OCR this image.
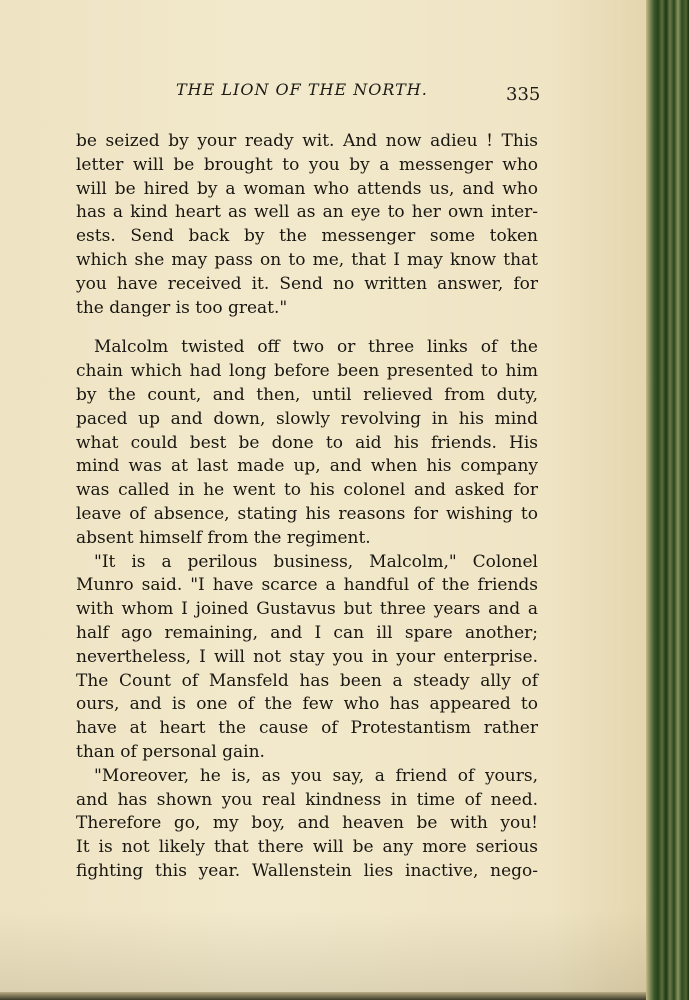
THE LION OF THE NORTH.	335
be seized by your ready wit. And now adieu ! This
letter will be brought to you by a messenger who
will be hired by a woman who attends us, and who
has a kind heart as well as an eye to her own inter-
ests. Send back by the messenger some token
which she may pass on to me, that I may know that
you have received it. Send no written answer, for
the danger is too great."
Malcolm twisted off two or three links of the
chain which had long before been presented to him
by the count, and then, until relieved from duty,
paced up and down, slowly revolving in his mind
what could best be done to aid his friends. His
mind was at last made up, and when his company
was called in he went to his colonel and asked for
leave of absence, stating his reasons for wishing to
absent himself from the regiment.
"It is a perilous business, Malcolm," Colonel
Munro said. "I have scarce a handful of the friends
with whom I joined Gustavus but three years and a
half ago remaining, and I can ill spare another;
nevertheless, I will not stay you in your enterprise.
The Count of Mansfeld has been a steady ally of
ours, and is one of the few who has appeared to
have at heart the cause of Protestantism rather
than of personal gain.
"Moreover, he is, as you say, a friend of yours,
and has shown you real kindness in time of need.
Therefore go, my boy, and heaven be with you!
It is not likely that there will be any more serious
fighting this year. Wallenstein lies inactive, nego-
